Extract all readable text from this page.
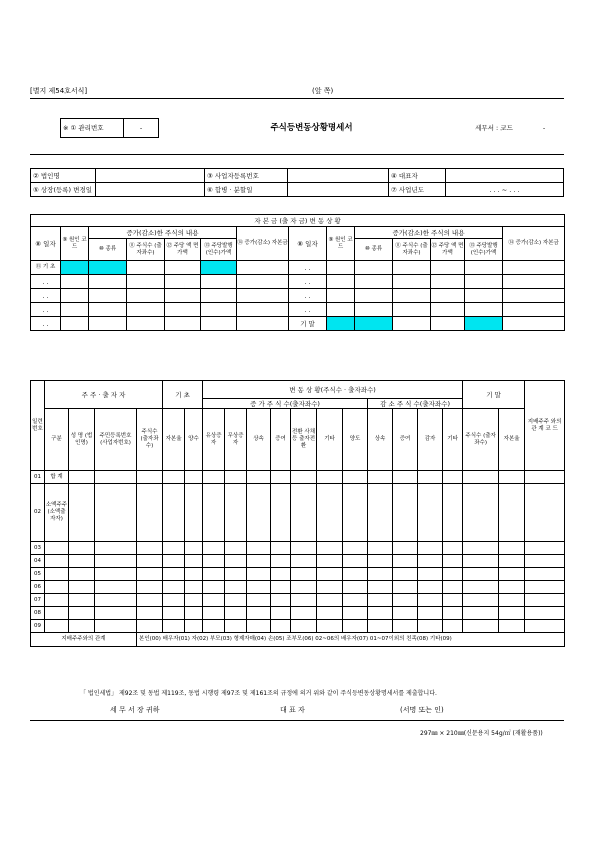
[별지 제54호서식]	(앞 쪽)
	※ ① 관리번호	-	주식등변동상황명세서	세무서 : 코드	-
② 법인명		③ 사업자등록번호		④ 대표자	
⑤ 상장(등록) 변경일		⑥ 합병 · 분할일		⑦ 사업년도	. . . ~ . . .
자 본 금 (출 자 금) 변 동 상 황													
⑧ 일자	⑨ 원인 코드	증가(감소)한 주식의 내용				⑭ 증가(감소) 자본금	⑧ 일자	⑨ 원인 코드	증가(감소)한 주식의 내용				⑭ 증가(감소) 자본금
		⑩ 종류	⑪ 주식수 (출자좌수)	⑫ 주당 액 면가액	⑬ 주당발행 (인수)가액				⑩ 종류	⑪ 주식수 (출자좌수)	⑫ 주당 액 면가액	⑬ 주당발행 (인수)가액	
⑮ 기 초							. .						
. .							. .						
. .							. .						
. .							. .						
. .							기 말						
일련 번호	주 주 · 출 자 자				기 초		변 동 상 황(주식수 · 출자좌수)											기 말		지배주주 와의 관 계 코 드
							증 가 주 식 수(출자좌수)							감 소 주 식 수(출자좌수)						
	구분	성 명 (법인명)	주민등록번호 (사업자번호)	주식수 (출자좌수)	자본율	양수	유상증자	무상증자	상속	증여	전환 사채 등 출자전환	기타	양도	상속	증여	감자	기타	주식수 (출자좌수)	자본율	
01	합 계																			
02	소액주주 (소액출자자)																			
03																				
04																				
05																				
06																				
07																				
08																				
09																				
지배주주와의 관계				본인(00) 배우자(01) 자(02) 부모(03) 형제자매(04) 손(05) 조부모(06) 02~06의 배우자(07) 01~07이외의 친족(08) 기타(09)																
「 법인세법」 제92조 및 동법 제119조, 동법 시행령 제97조 및 제161조의 규정에 의거 위와 같이 주식등변동상황명세서를 제출합니다.
세 무 서 장 귀하	대 표 자	(서명 또는 인)
297㎜ × 210㎜(신문용지 54g/㎡ (재활용품))
